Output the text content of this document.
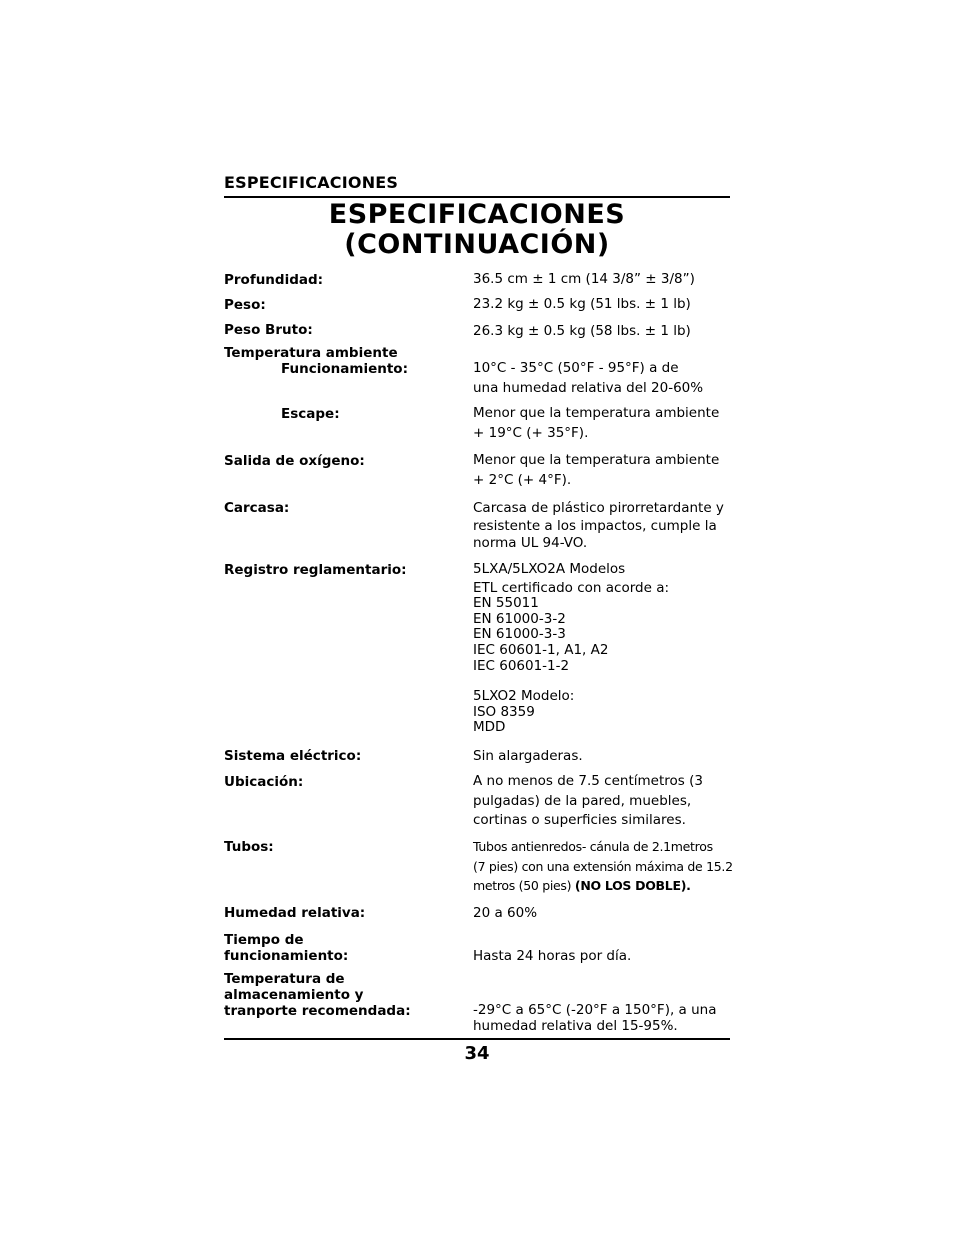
ESPECIFICACIONES
ESPECIFICACIONES
(CONTINUACIÓN)
Profundidad:	36.5 cm ± 1 cm (14 3/8” ± 3/8”)
Peso:	23.2 kg ± 0.5 kg (51 lbs. ± 1 lb)
Peso Bruto:	26.3 kg ± 0.5 kg (58 lbs. ± 1 lb)
Temperatura ambiente
Funcionamiento:	10°C - 35°C (50°F - 95°F) a de
una humedad relativa del 20-60%
Escape:	Menor que la temperatura ambiente
+ 19°C (+ 35°F).
Salida de oxígeno:	Menor que la temperatura ambiente
+ 2°C (+ 4°F).
Carcasa:	Carcasa de plástico pirorretardante y
resistente a los impactos, cumple la
norma UL 94-VO.
Registro reglamentario:	5LXA/5LXO2A Modelos
ETL certificado con acorde a:
EN 55011
EN 61000-3-2
EN 61000-3-3
IEC 60601-1, A1, A2
IEC 60601-1-2
5LXO2 Modelo:
ISO 8359
MDD
Sistema eléctrico:	Sin alargaderas.
Ubicación:	A no menos de 7.5 centímetros (3
pulgadas) de la pared, muebles,
cortinas o superficies similares.
Tubos:	Tubos antienredos- cánula de 2.1metros
(7 pies) con una extensión máxima de 15.2
metros (50 pies) (NO LOS DOBLE).
Humedad relativa:	20 a 60%
Tiempo de
funcionamiento:	Hasta 24 horas por día.
Temperatura de
almacenamiento y
tranporte recomendada:	-29°C a 65°C (-20°F a 150°F), a una
humedad relativa del 15-95%.
34
